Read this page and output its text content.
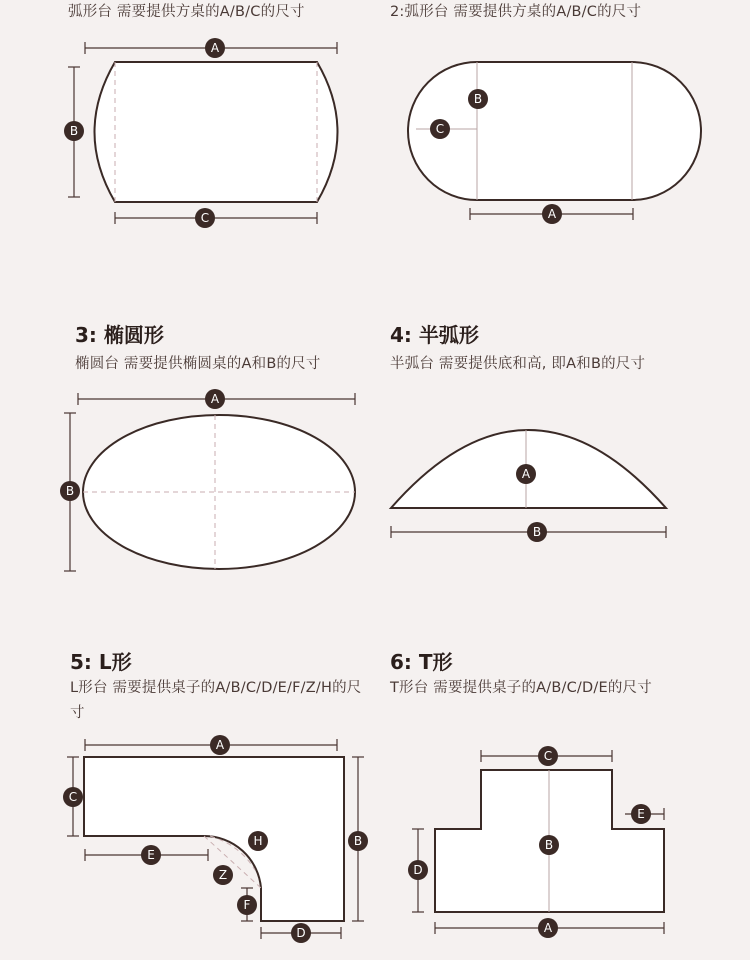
弧形台 需要提供方桌的A/B/C的尺寸	2:弧形台 需要提供方桌的A/B/C的尺寸
3: 椭圆形
椭圆台 需要提供椭圆桌的A和B的尺寸
4: 半弧形
半弧台 需要提供底和高, 即A和B的尺寸
5: L形
L形台 需要提供桌子的A/B/C/D/E/F/Z/H的尺寸
6: T形
T形台 需要提供桌子的A/B/C/D/E的尺寸
A
B
C
B
C
A
A
B
A
B
A
C
B
H
E
Z
F
D
C
E
B
D
A
